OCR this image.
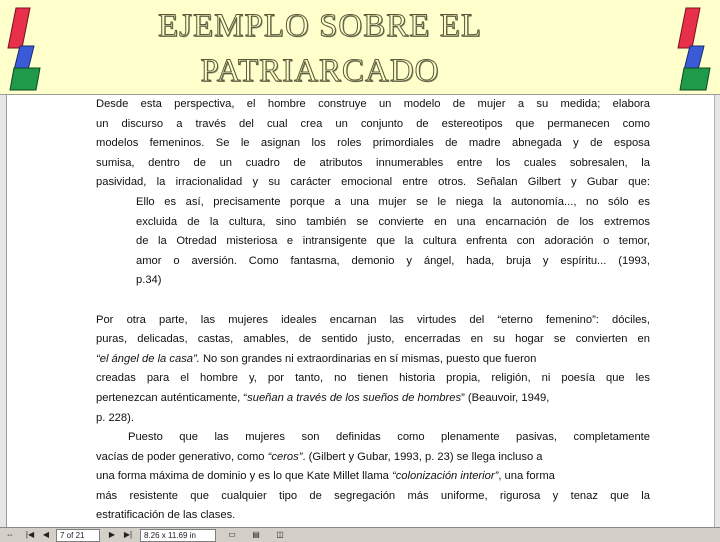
EJEMPLO SOBRE EL
PATRIARCADO
Desde esta perspectiva, el hombre construye un modelo de mujer a su medida; elabora
un discurso a través del cual crea un conjunto de estereotipos que permanecen como
modelos femeninos. Se le asignan los roles primordiales de madre abnegada y de esposa
sumisa, dentro de un cuadro de atributos innumerables entre los cuales sobresalen, la
pasividad, la irracionalidad y su carácter emocional entre otros. Señalan Gilbert y Gubar que:
Ello es así, precisamente porque a una mujer se le niega la autonomía..., no sólo es
excluida de la cultura, sino también se convierte en una encarnación de los extremos
de la Otredad misteriosa e intransigente que la cultura enfrenta con adoración o temor,
amor o aversión. Como fantasma, demonio y ángel, hada, bruja y espíritu... (1993,
p.34)
Por otra parte, las mujeres ideales encarnan las virtudes del “eterno femenino”: dóciles,
puras, delicadas, castas, amables, de sentido justo, encerradas en su hogar se convierten en
“el ángel de la casa”. No son grandes ni extraordinarias en sí mismas, puesto que fueron
creadas para el hombre y, por tanto, no tienen historia propia, religión, ni poesía que les
pertenezcan auténticamente, “sueñan a través de los sueños de hombres” (Beauvoir, 1949,
p. 228).
Puesto que las mujeres son definidas como plenamente pasivas, completamente
vacías de poder generativo, como “ceros”. (Gilbert y Gubar, 1993, p. 23) se llega incluso a
una forma máxima de dominio y es lo que Kate Millet llama “colonización interior”, una forma
más resistente que cualquier tipo de segregación más uniforme, rigurosa y tenaz que la
estratificación de las clases.
⇔ |◀	◀	7 of 21	▶	▶|	8.26 x 11.69 in	▭ ▤ ◫
